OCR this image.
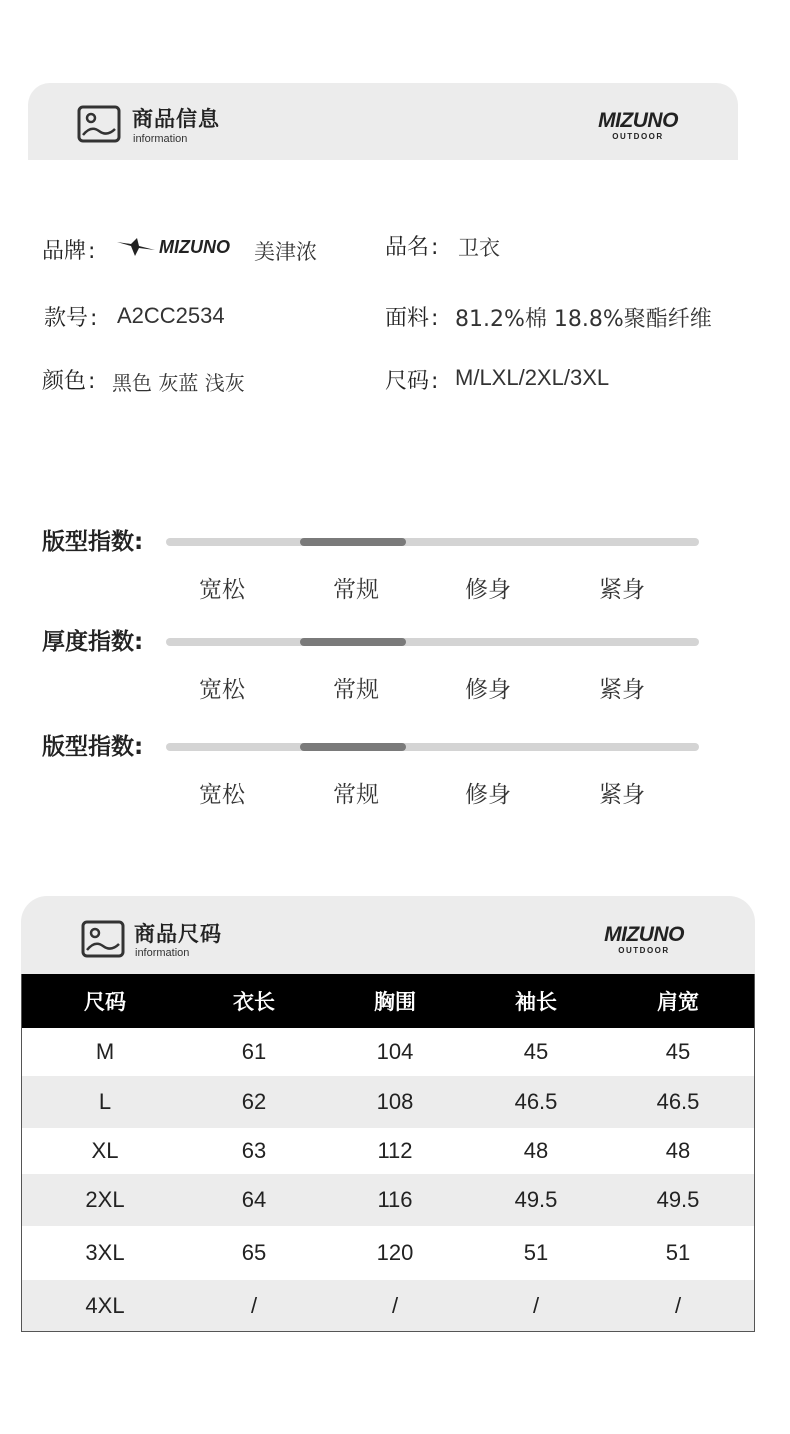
商品信息
information
MIZUNO
OUTDOOR
品牌:	MIZUNO 美津浓	品名: 卫衣
款号: A2CC2534	面料: 81.2%棉 18.8%聚酯纤维
颜色: 黑色 灰蓝 浅灰	尺码: M/LXL/2XL/3XL
版型指数:
宽松	常规	修身	紧身
厚度指数:
宽松	常规	修身	紧身
版型指数:
宽松	常规	修身	紧身
商品尺码
information
MIZUNO
OUTDOOR
尺码	衣长	胸围	袖长	肩宽
M	61	104	45	45
L	62	108	46.5	46.5
XL	63	112	48	48
2XL	64	116	49.5	49.5
3XL	65	120	51	51
4XL	/	/	/	/
